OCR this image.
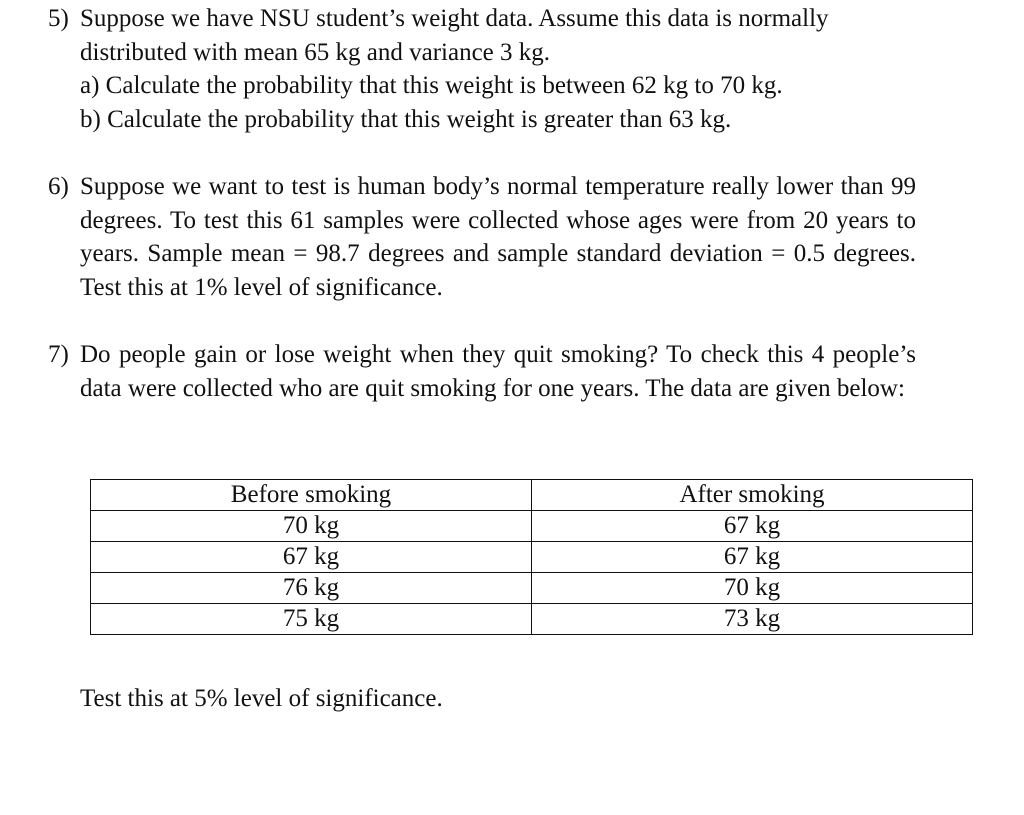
5) Suppose we have NSU student’s weight data. Assume this data is normally distributed with mean 65 kg and variance 3 kg.
a) Calculate the probability that this weight is between 62 kg to 70 kg.
b) Calculate the probability that this weight is greater than 63 kg.
6) Suppose we want to test is human body’s normal temperature really lower than 99 degrees. To test this 61 samples were collected whose ages were from 20 years to years. Sample mean = 98.7 degrees and sample standard deviation = 0.5 degrees. Test this at 1% level of significance.
7) Do people gain or lose weight when they quit smoking? To check this 4 people’s data were collected who are quit smoking for one years. The data are given below:
Before smoking	After smoking
70 kg	67 kg
67 kg	67 kg
76 kg	70 kg
75 kg	73 kg
Test this at 5% level of significance.
